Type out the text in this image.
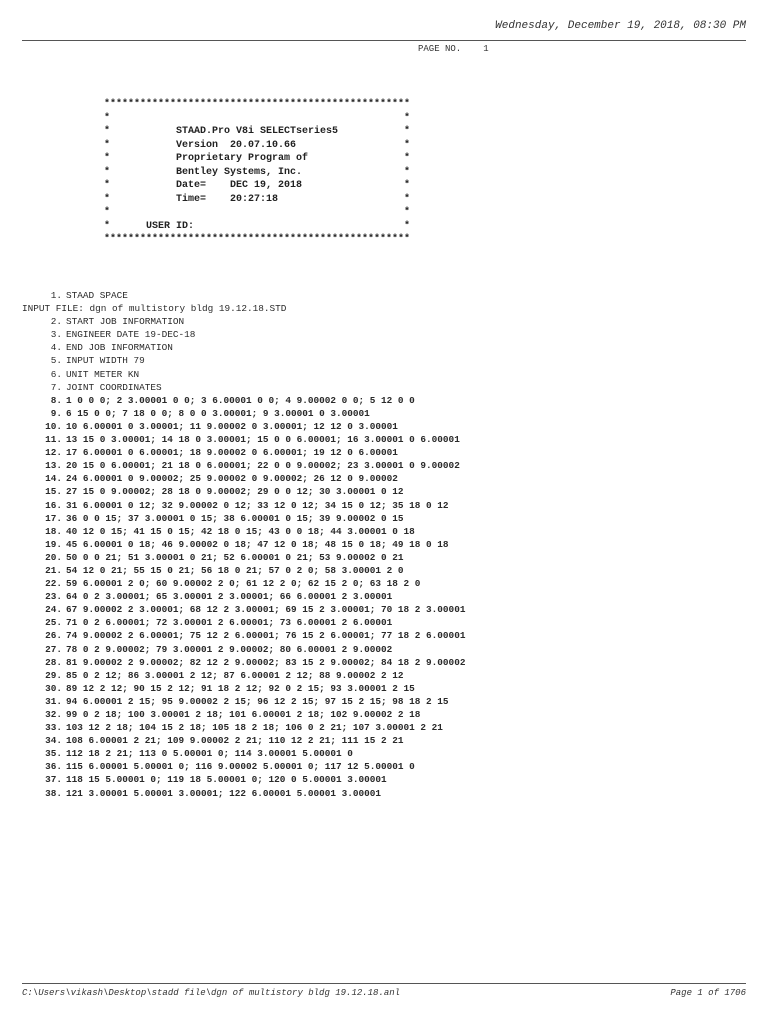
Wednesday, December 19, 2018, 08:30 PM
PAGE NO. 1
***************************************************
*                                                 *
*           STAAD.Pro V8i SELECTseries5           *
*           Version  20.07.10.66                  *
*           Proprietary Program of                *
*           Bentley Systems, Inc.                 *
*           Date=    DEC 19, 2018                 *
*           Time=    20:27:18                     *
*                                                 *
*      USER ID:                                   *
***************************************************
1. STAAD SPACE
INPUT FILE: dgn of multistory bldg 19.12.18.STD
2. START JOB INFORMATION
3. ENGINEER DATE 19-DEC-18
4. END JOB INFORMATION
5. INPUT WIDTH 79
6. UNIT METER KN
7. JOINT COORDINATES
8. 1 0 0 0; 2 3.00001 0 0; 3 6.00001 0 0; 4 9.00002 0 0; 5 12 0 0
9. 6 15 0 0; 7 18 0 0; 8 0 0 3.00001; 9 3.00001 0 3.00001
10. 10 6.00001 0 3.00001; 11 9.00002 0 3.00001; 12 12 0 3.00001
11. 13 15 0 3.00001; 14 18 0 3.00001; 15 0 0 6.00001; 16 3.00001 0 6.00001
12. 17 6.00001 0 6.00001; 18 9.00002 0 6.00001; 19 12 0 6.00001
13. 20 15 0 6.00001; 21 18 0 6.00001; 22 0 0 9.00002; 23 3.00001 0 9.00002
14. 24 6.00001 0 9.00002; 25 9.00002 0 9.00002; 26 12 0 9.00002
15. 27 15 0 9.00002; 28 18 0 9.00002; 29 0 0 12; 30 3.00001 0 12
16. 31 6.00001 0 12; 32 9.00002 0 12; 33 12 0 12; 34 15 0 12; 35 18 0 12
17. 36 0 0 15; 37 3.00001 0 15; 38 6.00001 0 15; 39 9.00002 0 15
18. 40 12 0 15; 41 15 0 15; 42 18 0 15; 43 0 0 18; 44 3.00001 0 18
19. 45 6.00001 0 18; 46 9.00002 0 18; 47 12 0 18; 48 15 0 18; 49 18 0 18
20. 50 0 0 21; 51 3.00001 0 21; 52 6.00001 0 21; 53 9.00002 0 21
21. 54 12 0 21; 55 15 0 21; 56 18 0 21; 57 0 2 0; 58 3.00001 2 0
22. 59 6.00001 2 0; 60 9.00002 2 0; 61 12 2 0; 62 15 2 0; 63 18 2 0
23. 64 0 2 3.00001; 65 3.00001 2 3.00001; 66 6.00001 2 3.00001
24. 67 9.00002 2 3.00001; 68 12 2 3.00001; 69 15 2 3.00001; 70 18 2 3.00001
25. 71 0 2 6.00001; 72 3.00001 2 6.00001; 73 6.00001 2 6.00001
26. 74 9.00002 2 6.00001; 75 12 2 6.00001; 76 15 2 6.00001; 77 18 2 6.00001
27. 78 0 2 9.00002; 79 3.00001 2 9.00002; 80 6.00001 2 9.00002
28. 81 9.00002 2 9.00002; 82 12 2 9.00002; 83 15 2 9.00002; 84 18 2 9.00002
29. 85 0 2 12; 86 3.00001 2 12; 87 6.00001 2 12; 88 9.00002 2 12
30. 89 12 2 12; 90 15 2 12; 91 18 2 12; 92 0 2 15; 93 3.00001 2 15
31. 94 6.00001 2 15; 95 9.00002 2 15; 96 12 2 15; 97 15 2 15; 98 18 2 15
32. 99 0 2 18; 100 3.00001 2 18; 101 6.00001 2 18; 102 9.00002 2 18
33. 103 12 2 18; 104 15 2 18; 105 18 2 18; 106 0 2 21; 107 3.00001 2 21
34. 108 6.00001 2 21; 109 9.00002 2 21; 110 12 2 21; 111 15 2 21
35. 112 18 2 21; 113 0 5.00001 0; 114 3.00001 5.00001 0
36. 115 6.00001 5.00001 0; 116 9.00002 5.00001 0; 117 12 5.00001 0
37. 118 15 5.00001 0; 119 18 5.00001 0; 120 0 5.00001 3.00001
38. 121 3.00001 5.00001 3.00001; 122 6.00001 5.00001 3.00001
C:\Users\vikash\Desktop\stadd file\dgn of multistory bldg 19.12.18.anl	Page 1 of 1706
